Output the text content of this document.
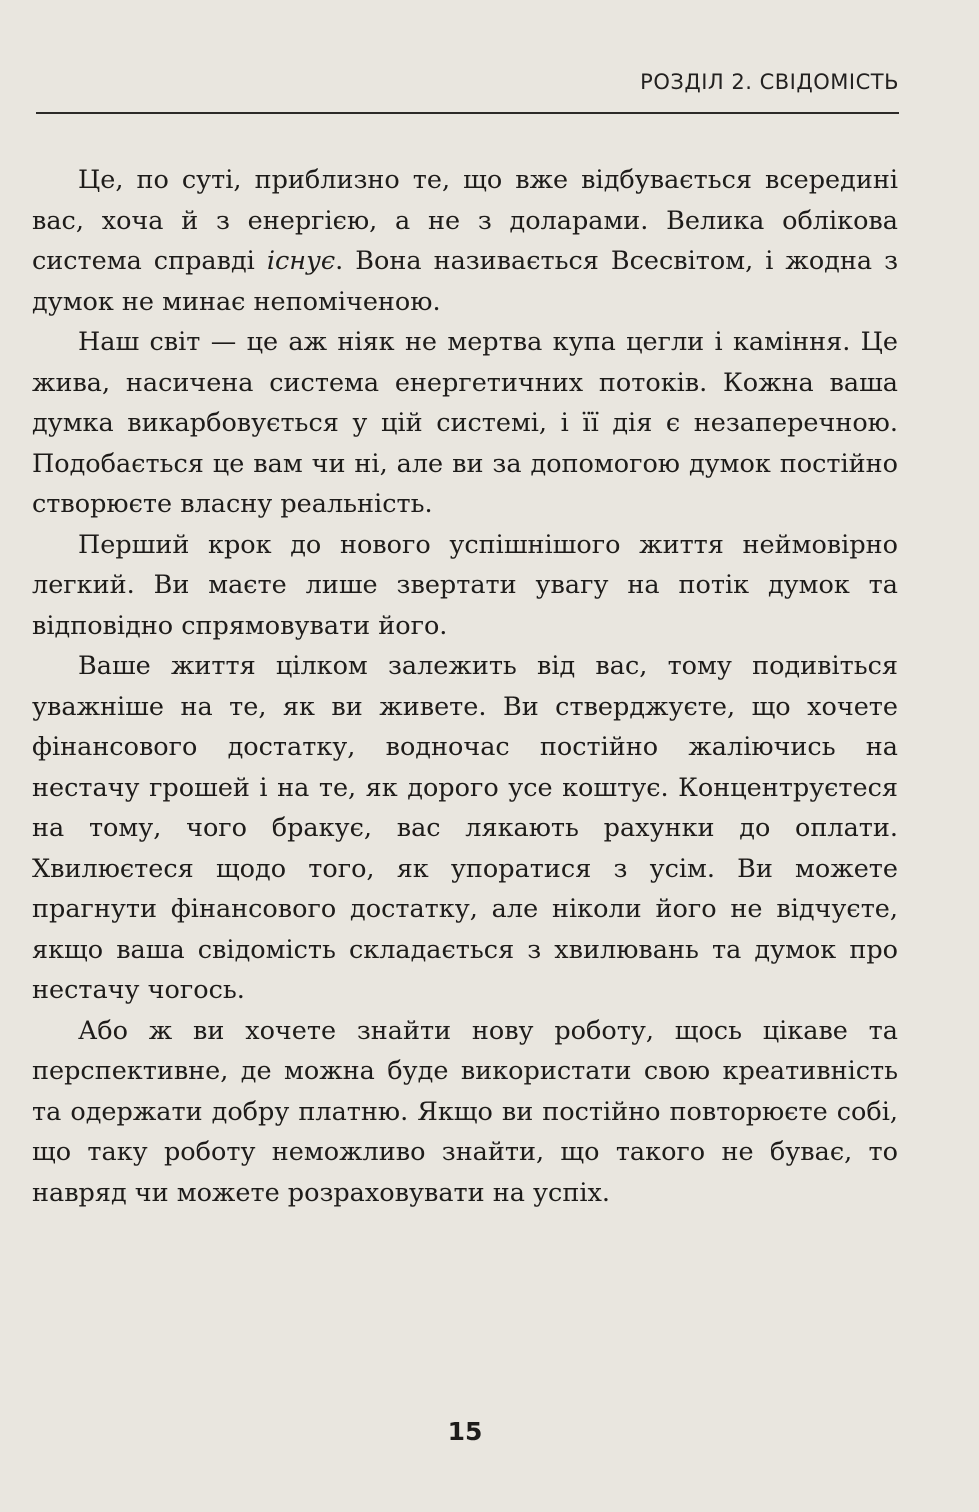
РОЗДІЛ 2. СВІДОМІСТЬ

Це, по суті, приблизно те, що вже відбувається всередині вас, хоча й з енергією, а не з доларами. Велика облікова система справді існує. Вона називається Всесвітом, і жодна з думок не минає непоміченою.

Наш світ — це аж ніяк не мертва купа цегли і каміння. Це жива, насичена система енергетичних потоків. Кожна ваша думка викарбовується у цій системі, і її дія є незаперечною. Подобається це вам чи ні, але ви за допомогою думок постійно створюєте власну реальність.

Перший крок до нового успішнішого життя неймовірно легкий. Ви маєте лише звертати увагу на потік думок та відповідно спрямовувати його.

Ваше життя цілком залежить від вас, тому подивіться уважніше на те, як ви живете. Ви стверджуєте, що хочете фінансового достатку, водночас постійно жаліючись на нестачу грошей і на те, як дорого усе коштує. Концентруєтеся на тому, чого бракує, вас лякають рахунки до оплати. Хвилюєтеся щодо того, як упоратися з усім. Ви можете прагнути фінансового достатку, але ніколи його не відчуєте, якщо ваша свідомість складається з хвилювань та думок про нестачу чогось.

Або ж ви хочете знайти нову роботу, щось цікаве та перспективне, де можна буде використати свою креативність та одержати добру платню. Якщо ви постійно повторюєте собі, що таку роботу неможливо знайти, що такого не буває, то навряд чи можете розраховувати на успіх.

15
